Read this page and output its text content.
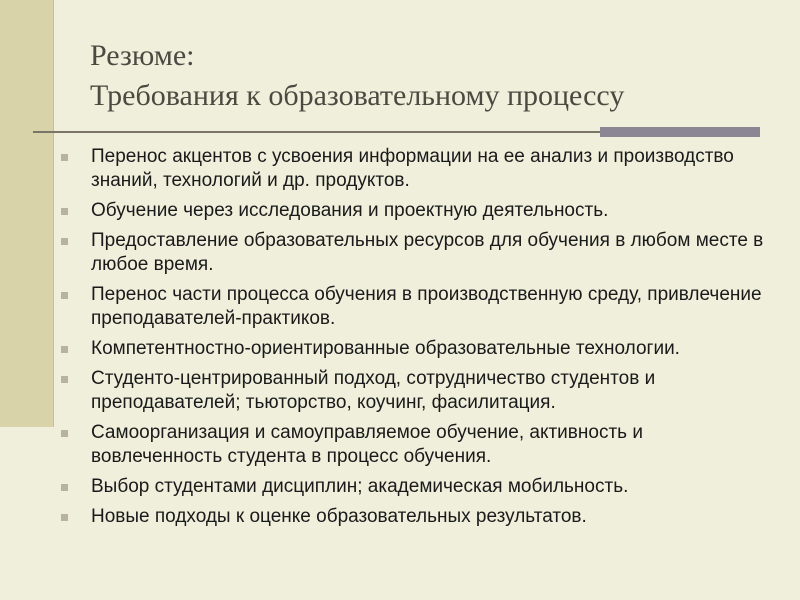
Резюме:
Требования к образовательному процессу
Перенос акцентов с усвоения информации на ее анализ и производство знаний, технологий и др. продуктов.
Обучение через исследования и проектную деятельность.
Предоставление образовательных ресурсов для обучения в любом месте в любое время.
Перенос части процесса обучения в производственную среду, привлечение преподавателей-практиков.
Компетентностно-ориентированные образовательные технологии.
Студенто-центрированный подход, сотрудничество студентов и преподавателей; тьюторство, коучинг, фасилитация.
Самоорганизация и самоуправляемое обучение, активность и вовлеченность студента в процесс обучения.
Выбор студентами дисциплин; академическая мобильность.
Новые подходы к оценке образовательных результатов.
